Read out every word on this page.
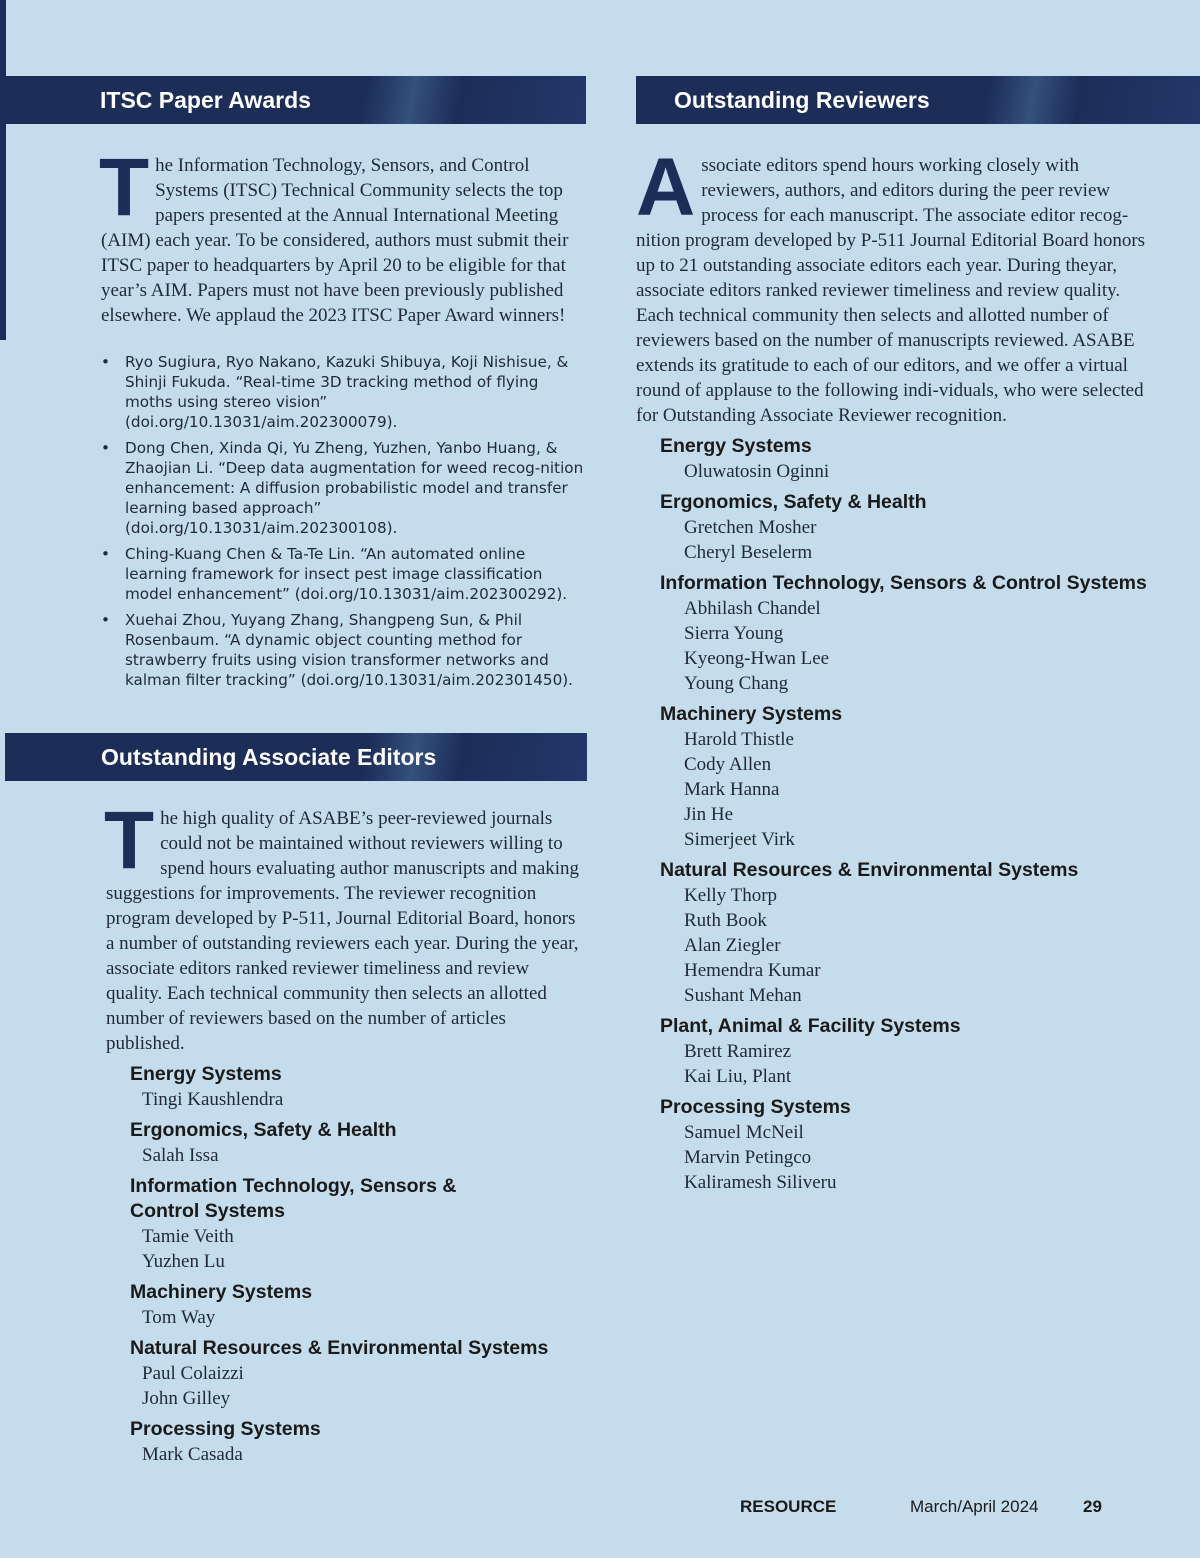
ITSC Paper Awards

The Information Technology, Sensors, and Control Systems (ITSC) Technical Community selects the top papers presented at the Annual International Meeting (AIM) each year. To be considered, authors must submit their ITSC paper to headquarters by April 20 to be eligible for that year’s AIM. Papers must not have been previously published elsewhere. We applaud the 2023 ITSC Paper Award winners!

• Ryo Sugiura, Ryo Nakano, Kazuki Shibuya, Koji Nishisue, & Shinji Fukuda. “Real-time 3D tracking method of flying moths using stereo vision” (doi.org/10.13031/aim.202300079).
• Dong Chen, Xinda Qi, Yu Zheng, Yuzhen, Yanbo Huang, & Zhaojian Li. “Deep data augmentation for weed recog-nition enhancement: A diffusion probabilistic model and transfer learning based approach” (doi.org/10.13031/aim.202300108).
• Ching-Kuang Chen & Ta-Te Lin. “An automated online learning framework for insect pest image classification model enhancement” (doi.org/10.13031/aim.202300292).
• Xuehai Zhou, Yuyang Zhang, Shangpeng Sun, & Phil Rosenbaum. “A dynamic object counting method for strawberry fruits using vision transformer networks and kalman filter tracking” (doi.org/10.13031/aim.202301450).
Outstanding Associate Editors

The high quality of ASABE’s peer-reviewed journals could not be maintained without reviewers willing to spend hours evaluating author manuscripts and making suggestions for improvements. The reviewer recognition program developed by P-511, Journal Editorial Board, honors a number of outstanding reviewers each year. During the year, associate editors ranked reviewer timeliness and review quality. Each technical community then selects an allotted number of reviewers based on the number of articles published.

Energy Systems
Tingi Kaushlendra
Ergonomics, Safety & Health
Salah Issa
Information Technology, Sensors & Control Systems
Tamie Veith
Yuzhen Lu
Machinery Systems
Tom Way
Natural Resources & Environmental Systems
Paul Colaizzi
John Gilley
Processing Systems
Mark Casada
Outstanding Reviewers

Associate editors spend hours working closely with reviewers, authors, and editors during the peer review process for each manuscript. The associate editor recog-nition program developed by P-511 Journal Editorial Board honors up to 21 outstanding associate editors each year. During theyar, associate editors ranked reviewer timeliness and review quality. Each technical community then selects and allotted number of reviewers based on the number of manuscripts reviewed. ASABE extends its gratitude to each of our editors, and we offer a virtual round of applause to the following indi-viduals, who were selected for Outstanding Associate Reviewer recognition.

Energy Systems
Oluwatosin Oginni
Ergonomics, Safety & Health
Gretchen Mosher
Cheryl Beselerm
Information Technology, Sensors & Control Systems
Abhilash Chandel
Sierra Young
Kyeong-Hwan Lee
Young Chang
Machinery Systems
Harold Thistle
Cody Allen
Mark Hanna
Jin He
Simerjeet Virk
Natural Resources & Environmental Systems
Kelly Thorp
Ruth Book
Alan Ziegler
Hemendra Kumar
Sushant Mehan
Plant, Animal & Facility Systems
Brett Ramirez
Kai Liu, Plant
Processing Systems
Samuel McNeil
Marvin Petingco
Kaliramesh Siliveru
RESOURCE	March/April 2024	29
